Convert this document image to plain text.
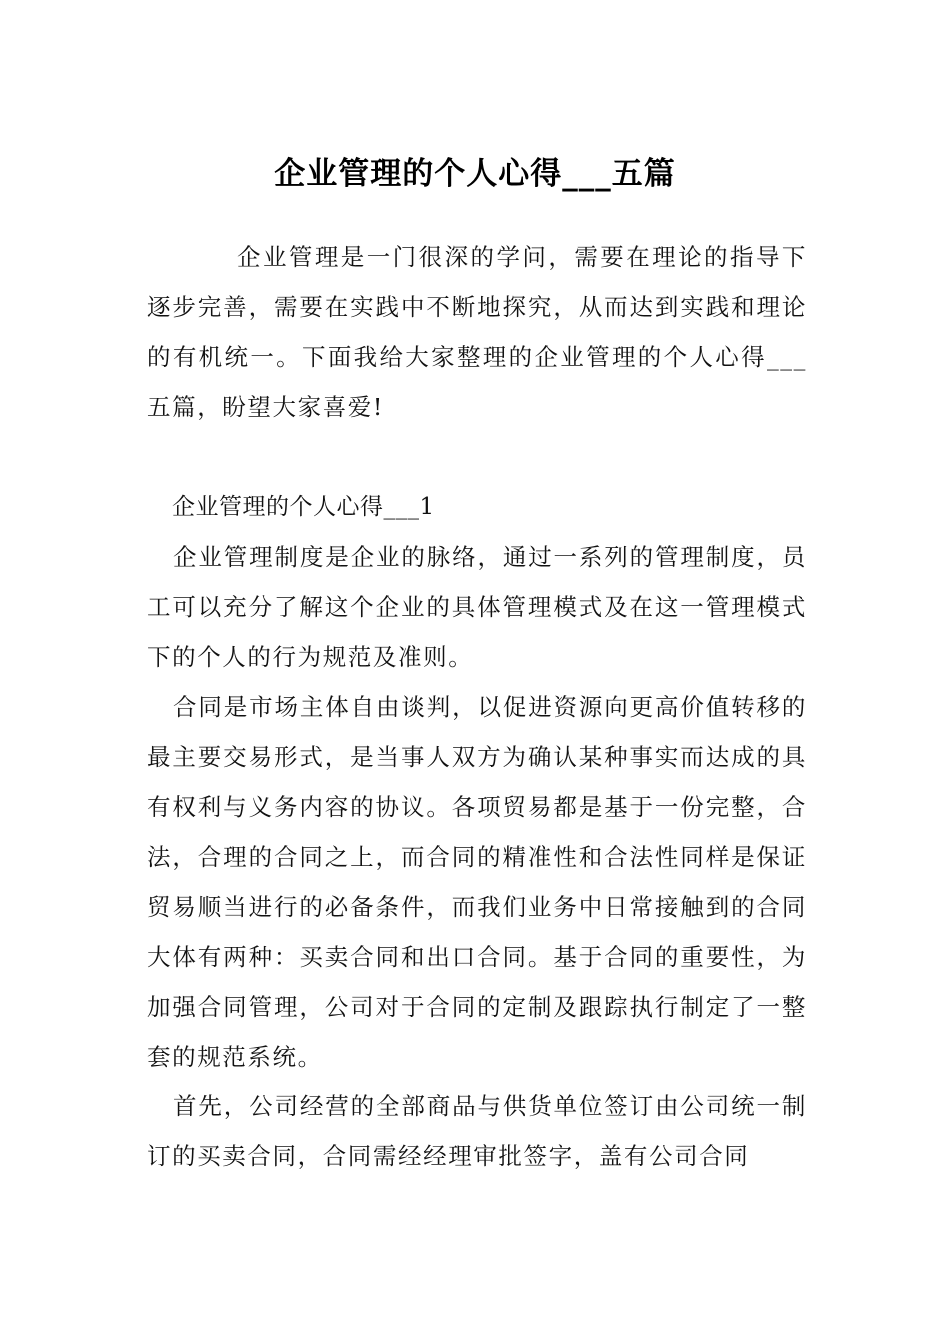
企业管理的个人心得___五篇

企业管理是一门很深的学问，需要在理论的指导下逐步完善，需要在实践中不断地探究，从而达到实践和理论的有机统一。下面我给大家整理的企业管理的个人心得___五篇，盼望大家喜爱!

企业管理的个人心得___1

企业管理制度是企业的脉络，通过一系列的管理制度，员工可以充分了解这个企业的具体管理模式及在这一管理模式下的个人的行为规范及准则。

合同是市场主体自由谈判，以促进资源向更高价值转移的最主要交易形式，是当事人双方为确认某种事实而达成的具有权利与义务内容的协议。各项贸易都是基于一份完整，合法，合理的合同之上，而合同的精准性和合法性同样是保证贸易顺当进行的必备条件，而我们业务中日常接触到的合同大体有两种：买卖合同和出口合同。基于合同的重要性，为加强合同管理，公司对于合同的定制及跟踪执行制定了一整套的规范系统。

首先，公司经营的全部商品与供货单位签订由公司统一制订的买卖合同，合同需经经理审批签字，盖有公司合同
